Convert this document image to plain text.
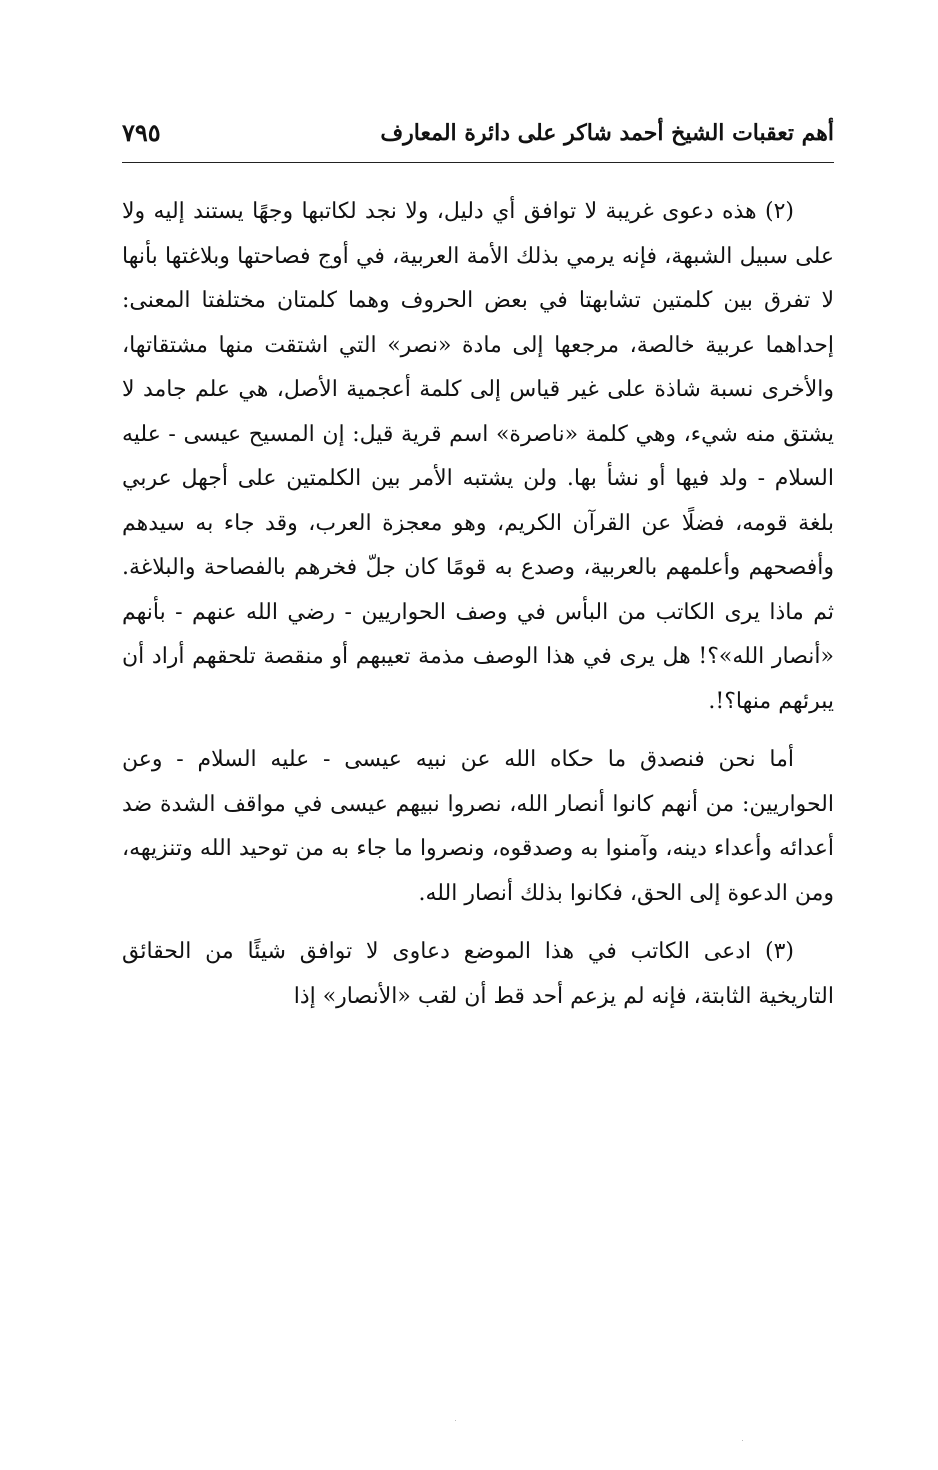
أهم تعقبات الشيخ أحمد شاكر على دائرة المعارف
٧٩٥

(٢) هذه دعوى غريبة لا توافق أي دليل، ولا نجد لكاتبها وجهًا يستند إليه ولا على سبيل الشبهة، فإنه يرمي بذلك الأمة العربية، في أوج فصاحتها وبلاغتها بأنها لا تفرق بين كلمتين تشابهتا في بعض الحروف وهما كلمتان مختلفتا المعنى: إحداهما عربية خالصة، مرجعها إلى مادة «نصر» التي اشتقت منها مشتقاتها، والأخرى نسبة شاذة على غير قياس إلى كلمة أعجمية الأصل، هي علم جامد لا يشتق منه شيء، وهي كلمة «ناصرة» اسم قرية قيل: إن المسيح عيسى - عليه السلام - ولد فيها أو نشأ بها. ولن يشتبه الأمر بين الكلمتين على أجهل عربي بلغة قومه، فضلًا عن القرآن الكريم، وهو معجزة العرب، وقد جاء به سيدهم وأفصحهم وأعلمهم بالعربية، وصدع به قومًا كان جلّ فخرهم بالفصاحة والبلاغة. ثم ماذا يرى الكاتب من البأس في وصف الحواريين - رضي الله عنهم - بأنهم «أنصار الله»؟! هل يرى في هذا الوصف مذمة تعيبهم أو منقصة تلحقهم أراد أن يبرئهم منها؟!.

أما نحن فنصدق ما حكاه الله عن نبيه عيسى - عليه السلام - وعن الحواريين: من أنهم كانوا أنصار الله، نصروا نبيهم عيسى في مواقف الشدة ضد أعدائه وأعداء دينه، وآمنوا به وصدقوه، ونصروا ما جاء به من توحيد الله وتنزيهه، ومن الدعوة إلى الحق، فكانوا بذلك أنصار الله.

(٣) ادعى الكاتب في هذا الموضع دعاوى لا توافق شيئًا من الحقائق التاريخية الثابتة، فإنه لم يزعم أحد قط أن لقب «الأنصار» إذا
